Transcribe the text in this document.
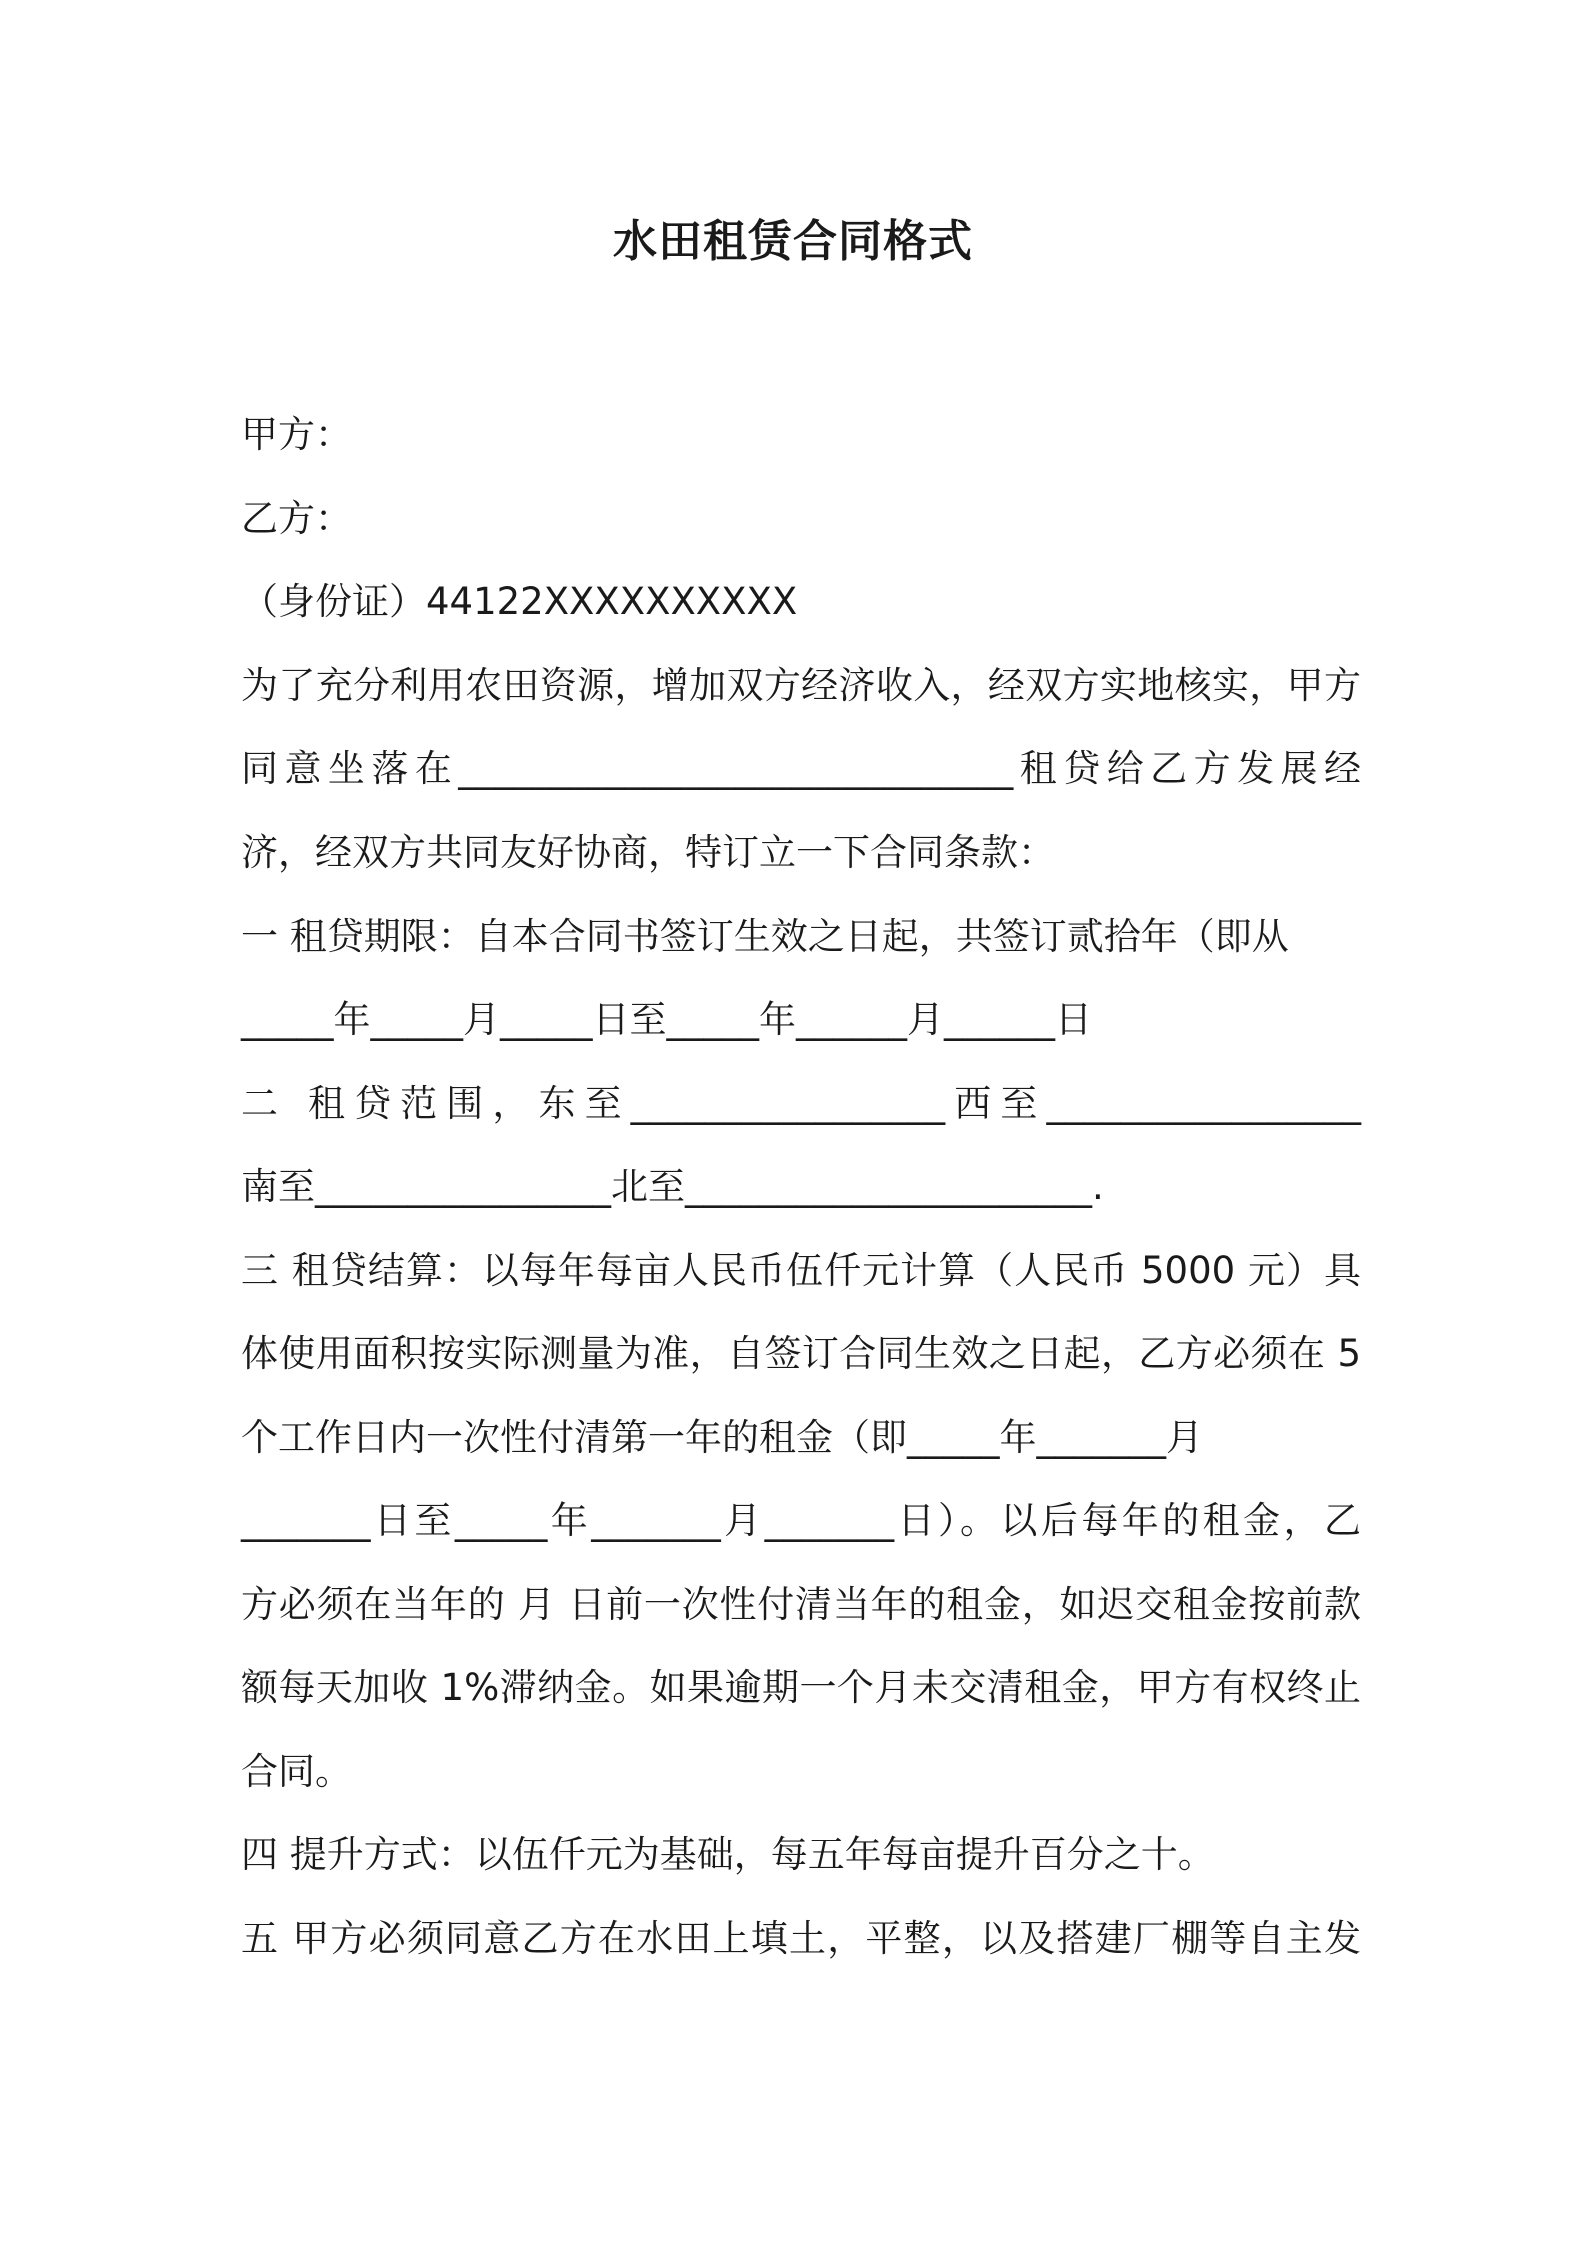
水田租赁合同格式
甲方：
乙方：
（身份证）44122XXXXXXXXXX
为了充分利用农田资源，增加双方经济收入，经双方实地核实，甲方
同意坐落在______________________________租贷给乙方发展经
济，经双方共同友好协商，特订立一下合同条款：
一 租贷期限：自本合同书签订生效之日起，共签订贰拾年（即从
_____年_____月_____日至_____年______月______日
二 租贷范围，东至_________________西至_________________
南至________________北至______________________.
三 租贷结算：以每年每亩人民币伍仟元计算（人民币 5000 元）具
体使用面积按实际测量为准，自签订合同生效之日起，乙方必须在 5
个工作日内一次性付清第一年的租金（即_____年_______月
_______日至_____年_______月_______日）。以后每年的租金，乙
方必须在当年的 月 日前一次性付清当年的租金，如迟交租金按前款
额每天加收 1%滞纳金。如果逾期一个月未交清租金，甲方有权终止
合同。
四 提升方式：以伍仟元为基础，每五年每亩提升百分之十。
五 甲方必须同意乙方在水田上填土，平整，以及搭建厂棚等自主发
